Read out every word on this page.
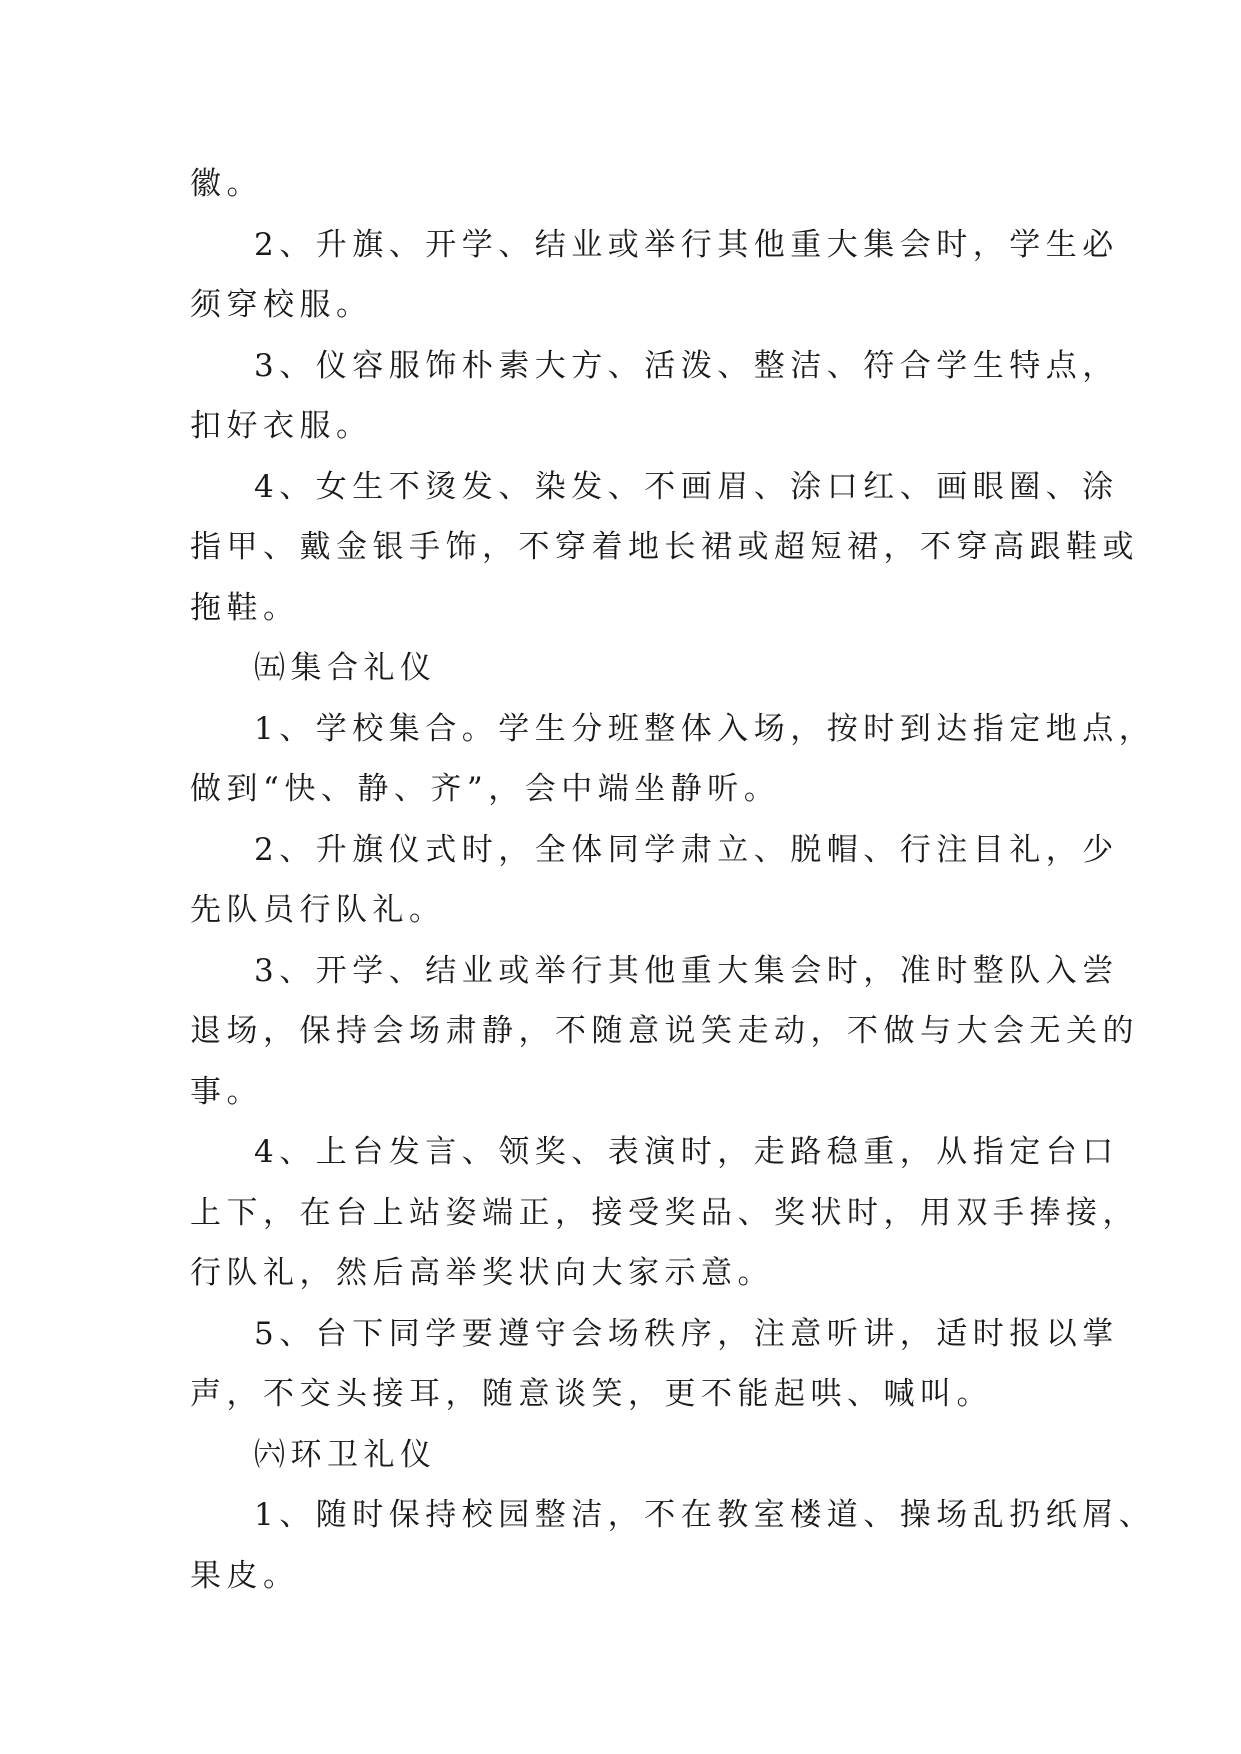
徽。
2、升旗、开学、结业或举行其他重大集会时，学生必
须穿校服。
3、仪容服饰朴素大方、活泼、整洁、符合学生特点，
扣好衣服。
4、女生不烫发、染发、不画眉、涂口红、画眼圈、涂
指甲、戴金银手饰，不穿着地长裙或超短裙，不穿高跟鞋或
拖鞋。
㈤集合礼仪
1、学校集合。学生分班整体入场，按时到达指定地点，
做到“快、静、齐”，会中端坐静听。
2、升旗仪式时，全体同学肃立、脱帽、行注目礼，少
先队员行队礼。
3、开学、结业或举行其他重大集会时，准时整队入尝
退场，保持会场肃静，不随意说笑走动，不做与大会无关的
事。
4、上台发言、领奖、表演时，走路稳重，从指定台口
上下，在台上站姿端正，接受奖品、奖状时，用双手捧接，
行队礼，然后高举奖状向大家示意。
5、台下同学要遵守会场秩序，注意听讲，适时报以掌
声，不交头接耳，随意谈笑，更不能起哄、喊叫。
㈥环卫礼仪
1、随时保持校园整洁，不在教室楼道、操场乱扔纸屑、
果皮。
